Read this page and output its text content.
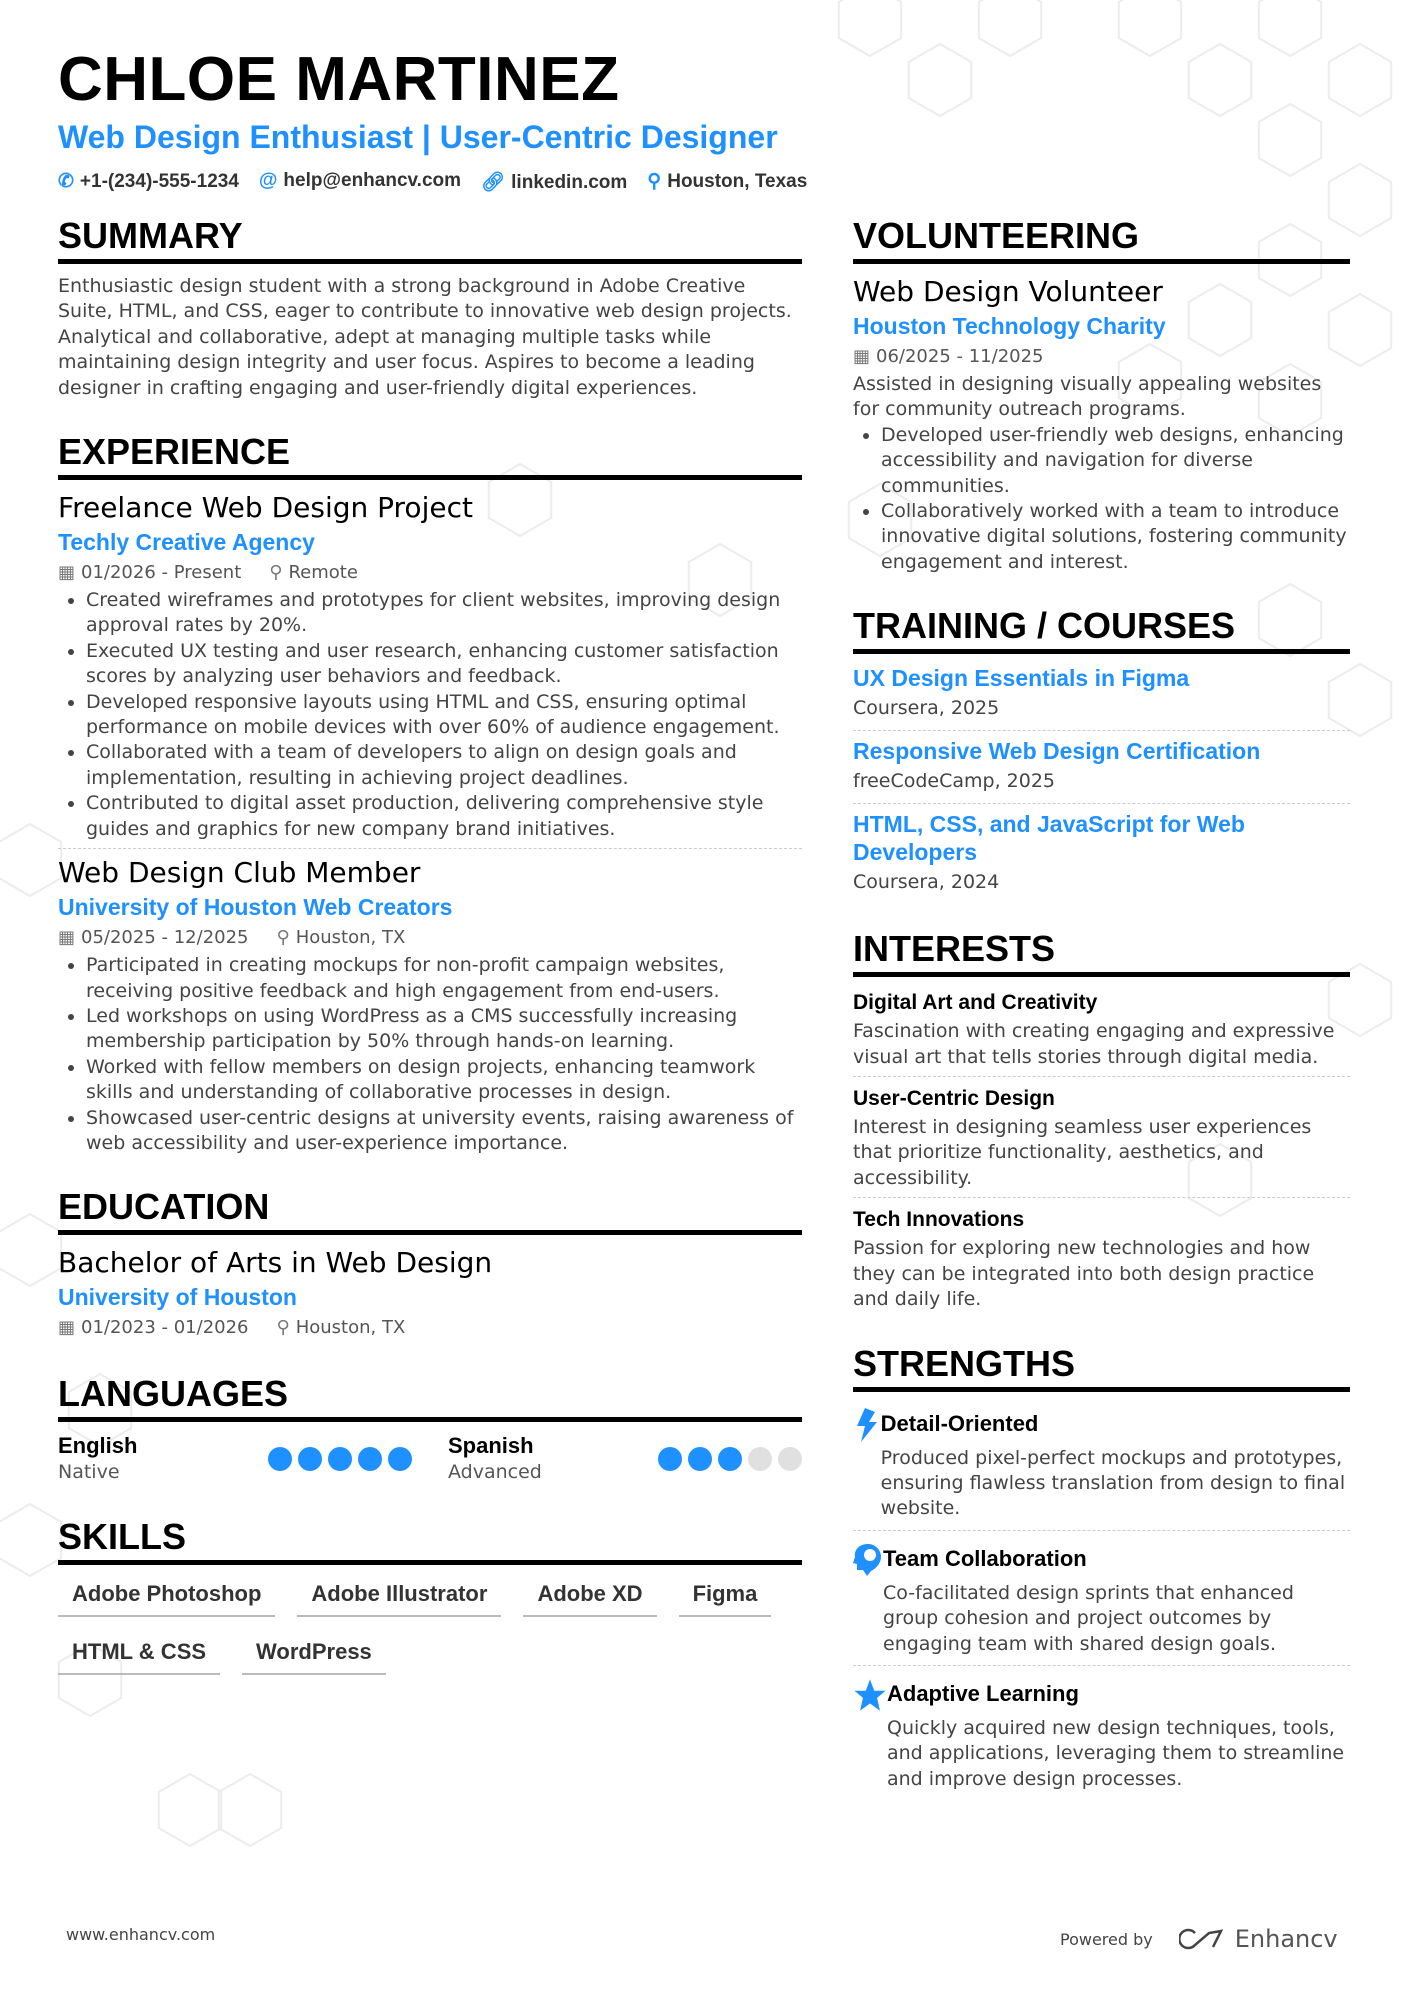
CHLOE MARTINEZ
Web Design Enthusiast | User-Centric Designer
✆ +1-(234)-555-1234 @ help@enhancv.com 🔗︎ linkedin.com ⚲ Houston, Texas
SUMMARY
Enthusiastic design student with a strong background in Adobe Creative Suite, HTML, and CSS, eager to contribute to innovative web design projects. Analytical and collaborative, adept at managing multiple tasks while maintaining design integrity and user focus. Aspires to become a leading designer in crafting engaging and user-friendly digital experiences.
EXPERIENCE
Freelance Web Design Project
Techly Creative Agency
▦ 01/2026 - Present ⚲ Remote
• Created wireframes and prototypes for client websites, improving design approval rates by 20%.
• Executed UX testing and user research, enhancing customer satisfaction scores by analyzing user behaviors and feedback.
• Developed responsive layouts using HTML and CSS, ensuring optimal performance on mobile devices with over 60% of audience engagement.
• Collaborated with a team of developers to align on design goals and implementation, resulting in achieving project deadlines.
• Contributed to digital asset production, delivering comprehensive style guides and graphics for new company brand initiatives.
Web Design Club Member
University of Houston Web Creators
▦ 05/2025 - 12/2025 ⚲ Houston, TX
• Participated in creating mockups for non-profit campaign websites, receiving positive feedback and high engagement from end-users.
• Led workshops on using WordPress as a CMS successfully increasing membership participation by 50% through hands-on learning.
• Worked with fellow members on design projects, enhancing teamwork skills and understanding of collaborative processes in design.
• Showcased user-centric designs at university events, raising awareness of web accessibility and user-experience importance.
EDUCATION
Bachelor of Arts in Web Design
University of Houston
▦ 01/2023 - 01/2026 ⚲ Houston, TX
LANGUAGES
English
Native
Spanish
Advanced
SKILLS
Adobe Photoshop	Adobe Illustrator	Adobe XD	Figma
HTML & CSS	WordPress
VOLUNTEERING
Web Design Volunteer
Houston Technology Charity
▦ 06/2025 - 11/2025
Assisted in designing visually appealing websites for community outreach programs.
• Developed user-friendly web designs, enhancing accessibility and navigation for diverse communities.
• Collaboratively worked with a team to introduce innovative digital solutions, fostering community engagement and interest.
TRAINING / COURSES
UX Design Essentials in Figma
Coursera, 2025
Responsive Web Design Certification
freeCodeCamp, 2025
HTML, CSS, and JavaScript for Web Developers
Coursera, 2024
INTERESTS
Digital Art and Creativity
Fascination with creating engaging and expressive visual art that tells stories through digital media.
User-Centric Design
Interest in designing seamless user experiences that prioritize functionality, aesthetics, and accessibility.
Tech Innovations
Passion for exploring new technologies and how they can be integrated into both design practice and daily life.
STRENGTHS
Detail-Oriented
Produced pixel-perfect mockups and prototypes, ensuring flawless translation from design to final website.
Team Collaboration
Co-facilitated design sprints that enhanced group cohesion and project outcomes by engaging team with shared design goals.
Adaptive Learning
Quickly acquired new design techniques, tools, and applications, leveraging them to streamline and improve design processes.
www.enhancv.com	Powered by	Enhancv
